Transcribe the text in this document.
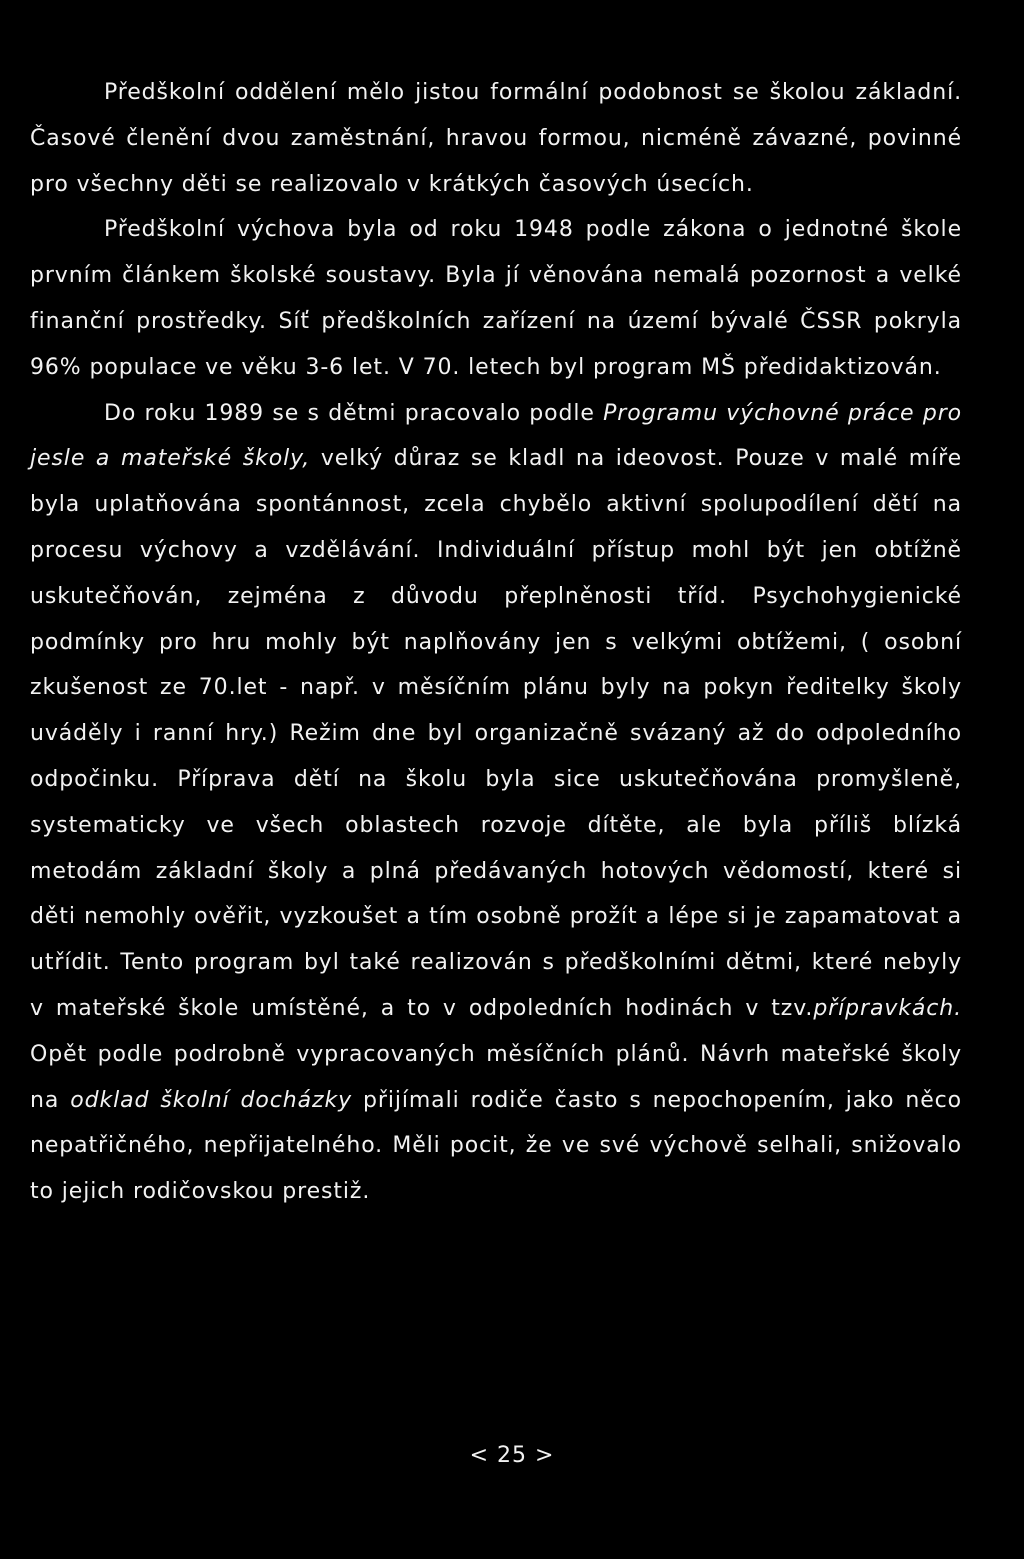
Předškolní oddělení mělo jistou formální podobnost se školou základní. Časové členění dvou zaměstnání, hravou formou, nicméně závazné, povinné pro všechny děti se realizovalo v krátkých časových úsecích.

Předškolní výchova byla od roku 1948 podle zákona o jednotné škole prvním článkem školské soustavy. Byla jí věnována nemalá pozornost a velké finanční prostředky. Síť předškolních zařízení na území bývalé ČSSR pokryla 96% populace ve věku 3-6 let. V 70. letech byl program MŠ předidaktizován.

Do roku 1989 se s dětmi pracovalo podle Programu výchovné práce pro jesle a mateřské školy, velký důraz se kladl na ideovost. Pouze v malé míře byla uplatňována spontánnost, zcela chybělo aktivní spolupodílení dětí na procesu výchovy a vzdělávání. Individuální přístup mohl být jen obtížně uskutečňován, zejména z důvodu přeplněnosti tříd. Psychohygienické podmínky pro hru mohly být naplňovány jen s velkými obtížemi, ( osobní zkušenost ze 70.let - např. v měsíčním plánu byly na pokyn ředitelky školy uváděly i ranní hry.) Režim dne byl organizačně svázaný až do odpoledního odpočinku. Příprava dětí na školu byla sice uskutečňována promyšleně, systematicky ve všech oblastech rozvoje dítěte, ale byla příliš blízká metodám základní školy a plná předávaných hotových vědomostí, které si děti nemohly ověřit, vyzkoušet a tím osobně prožít a lépe si je zapamatovat a utřídit. Tento program byl také realizován s předškolními dětmi, které nebyly v mateřské škole umístěné, a to v odpoledních hodinách v tzv.přípravkách. Opět podle podrobně vypracovaných měsíčních plánů. Návrh mateřské školy na odklad školní docházky přijímali rodiče často s nepochopením, jako něco nepatřičného, nepřijatelného. Měli pocit, že ve své výchově selhali, snižovalo to jejich rodičovskou prestiž.

< 25 >
